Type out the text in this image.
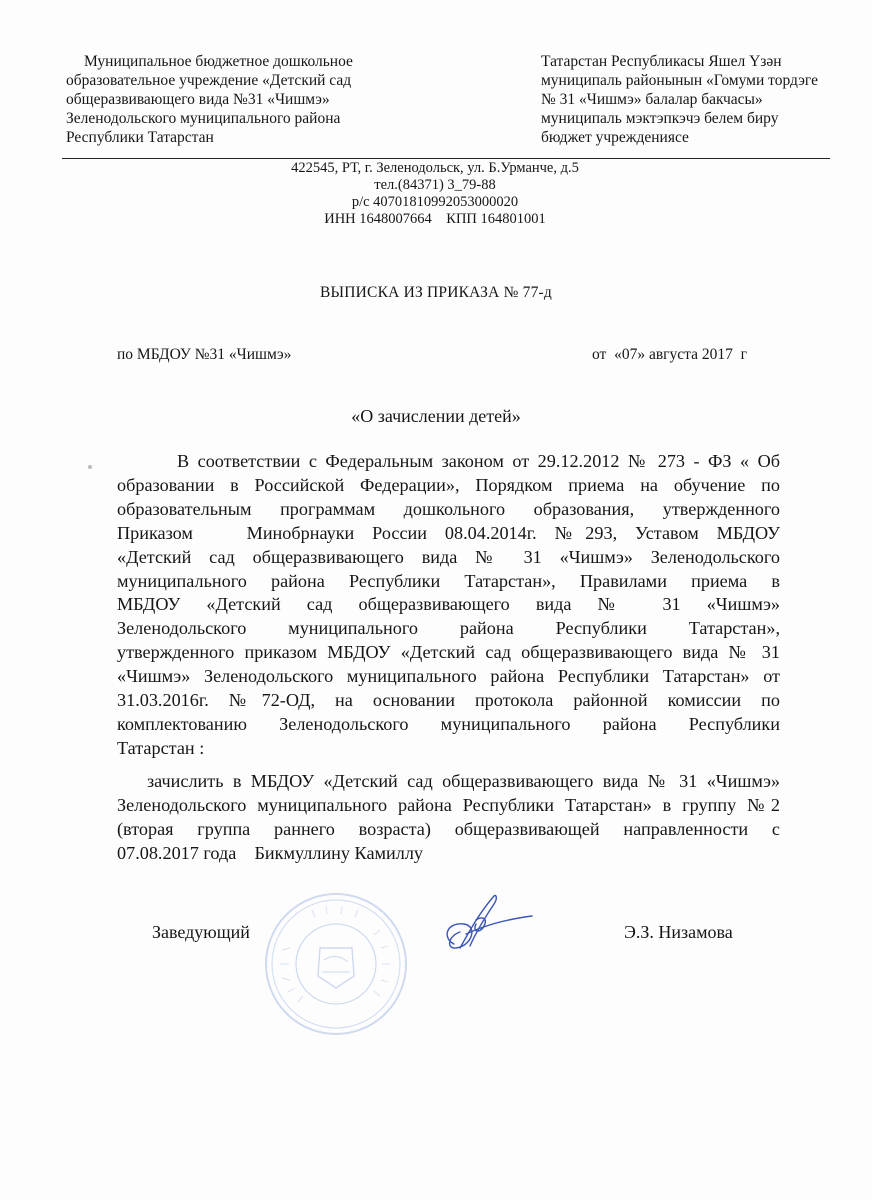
Муниципальное бюджетное дошкольное
образовательное учреждение «Детский сад
общеразвивающего вида №31 «Чишмэ»
Зеленодольского муниципального района
Республики Татарстан
Татарстан Республикасы Яшел Үзән
муниципаль районынын «Гомуми тордэге
№ 31 «Чишмэ» балалар бакчасы»
муниципаль мэктэпкэчэ белем биру
бюджет учреждениясе
422545, РТ, г. Зеленодольск, ул. Б.Урманче, д.5
тел.(84371) 3_79-88
р/с 40701810992053000020
ИНН 1648007664    КПП 164801001
ВЫПИСКА ИЗ ПРИКАЗА № 77-д
по МБДОУ №31 «Чишмэ»	от  «07» августа 2017  г
«О зачислении детей»
В соответствии с Федеральным законом от 29.12.2012 № 273 - ФЗ « Об
образовании в Российской Федерации», Порядком приема на обучение по
образовательным программам дошкольного образования, утвержденного
Приказом   Минобрнауки России 08.04.2014г. №293, Уставом МБДОУ
«Детский сад общеразвивающего вида № 31 «Чишмэ» Зеленодольского
муниципального района Республики Татарстан», Правилами приема в
МБДОУ «Детский сад общеразвивающего вида № 31 «Чишмэ»
Зеленодольского муниципального района Республики Татарстан»,
утвержденного приказом МБДОУ «Детский сад общеразвивающего вида № 31
«Чишмэ» Зеленодольского муниципального района Республики Татарстан» от
31.03.2016г. №72-ОД, на основании протокола районной комиссии по
комплектованию Зеленодольского муниципального района Республики
Татарстан :
зачислить в МБДОУ «Детский сад общеразвивающего вида № 31 «Чишмэ»
Зеленодольского муниципального района Республики Татарстан» в группу №2
(вторая группа раннего возраста) общеразвивающей направленности с
07.08.2017 года    Бикмуллину Камиллу
Заведующий	Э.З. Низамова
